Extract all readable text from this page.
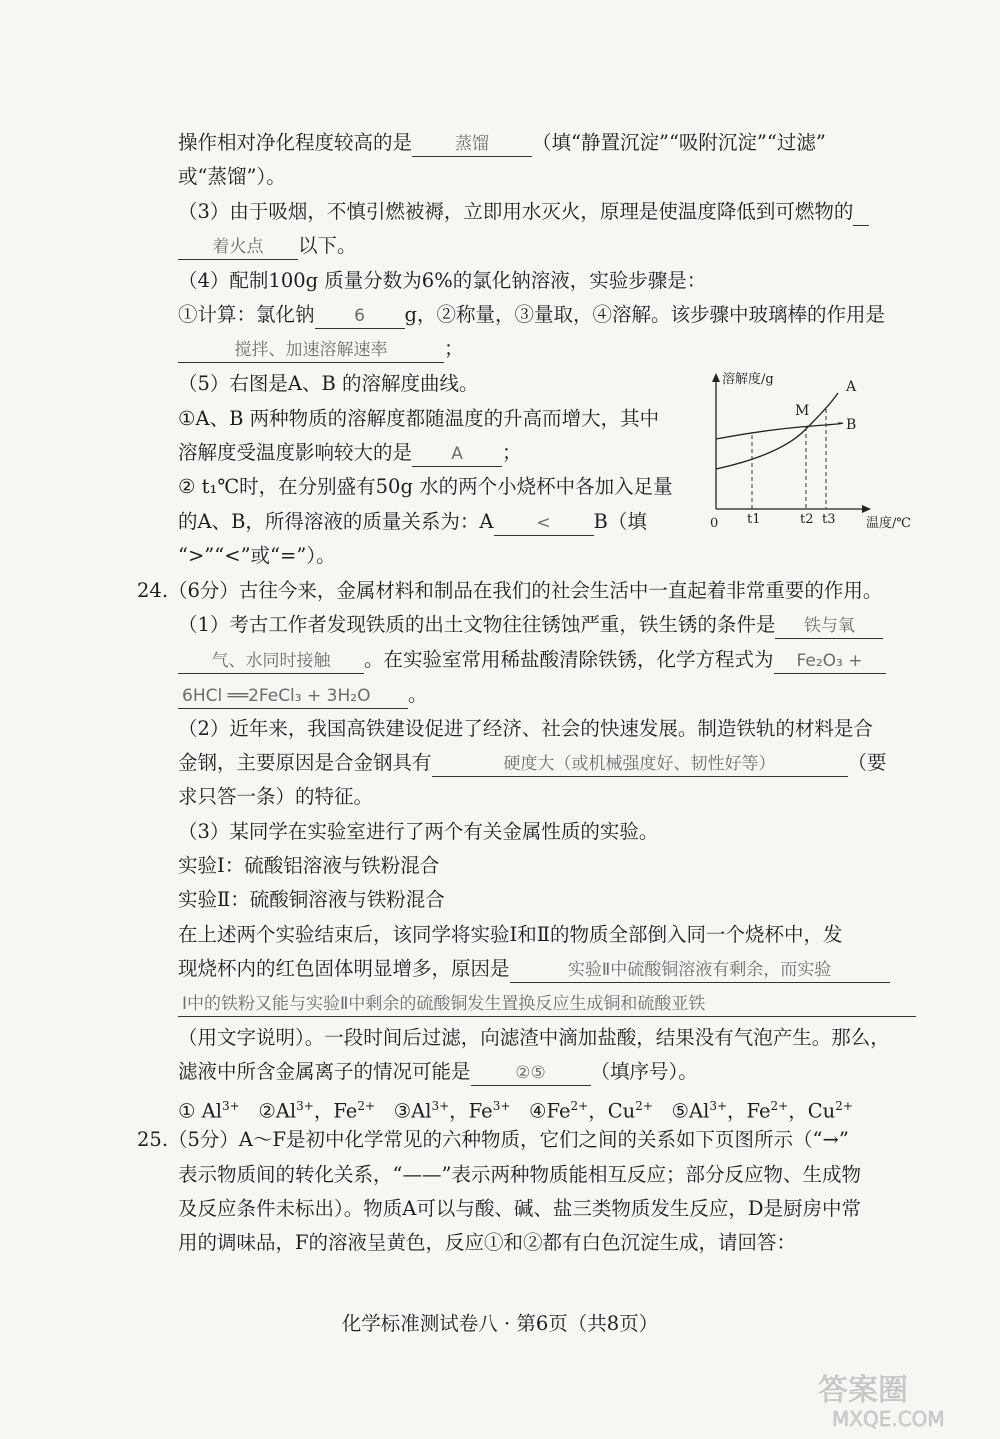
操作相对净化程度较高的是	蒸馏 （填“静置沉淀”“吸附沉淀”“过滤”
或“蒸馏”）。
（3）由于吸烟，不慎引燃被褥，立即用水灭火，原理是使温度降低到可燃物的
着火点 以下。
（4）配制100g 质量分数为6%的氯化钠溶液，实验步骤是：
①计算：氯化钠 6 g，②称量，③量取，④溶解。该步骤中玻璃棒的作用是
搅拌、加速溶解速率	；
（5）右图是A、B 的溶解度曲线。
①A、B 两种物质的溶解度都随温度的升高而增大，其中
溶解度受温度影响较大的是 A ；
② t₁℃时，在分别盛有50g 水的两个小烧杯中各加入足量
的A、B，所得溶液的质量关系为：A	< B（填
“>”“<”或“=”）。
溶解度/g
温度/℃
0
A
B
M
t1	t2 t3
24.（6分）古往今来，金属材料和制品在我们的社会生活中一直起着非常重要的作用。
（1）考古工作者发现铁质的出土文物往往锈蚀严重，铁生锈的条件是 铁与氧
气、水同时接触 。在实验室常用稀盐酸清除铁锈，化学方程式为 Fe₂O₃ +
6HCl ══2FeCl₃ + 3H₂O 。
（2）近年来，我国高铁建设促进了经济、社会的快速发展。制造铁轨的材料是合
金钢，主要原因是合金钢具有	硬度大（或机械强度好、韧性好等）	（要
求只答一条）的特征。
（3）某同学在实验室进行了两个有关金属性质的实验。
实验Ⅰ：硫酸铝溶液与铁粉混合
实验Ⅱ：硫酸铜溶液与铁粉混合
在上述两个实验结束后，该同学将实验Ⅰ和Ⅱ的物质全部倒入同一个烧杯中，发
现烧杯内的红色固体明显增多，原因是	实验Ⅱ中硫酸铜溶液有剩余，而实验
Ⅰ中的铁粉又能与实验Ⅱ中剩余的硫酸铜发生置换反应生成铜和硫酸亚铁
（用文字说明）。一段时间后过滤，向滤渣中滴加盐酸，结果没有气泡产生。那么，
滤液中所含金属离子的情况可能是	②⑤ （填序号）。
① $Al^{3+}$ $②Al^{3+}$，$Fe^{2+}$ $③Al^{3+}$，$Fe^{3+}$ $④Fe^{2+}$，$Cu^{2+}$ $⑤Al^{3+}$，$Fe^{2+}$，$Cu^{2+}$
25.（5分）A～F是初中化学常见的六种物质，它们之间的关系如下页图所示（“→”
表示物质间的转化关系，“——”表示两种物质能相互反应；部分反应物、生成物
及反应条件未标出）。物质A可以与酸、碱、盐三类物质发生反应，D是厨房中常
用的调味品，F的溶液呈黄色，反应①和②都有白色沉淀生成，请回答：
化学标准测试卷八 · 第6页（共8页）
答案圈
MXQE.COM
